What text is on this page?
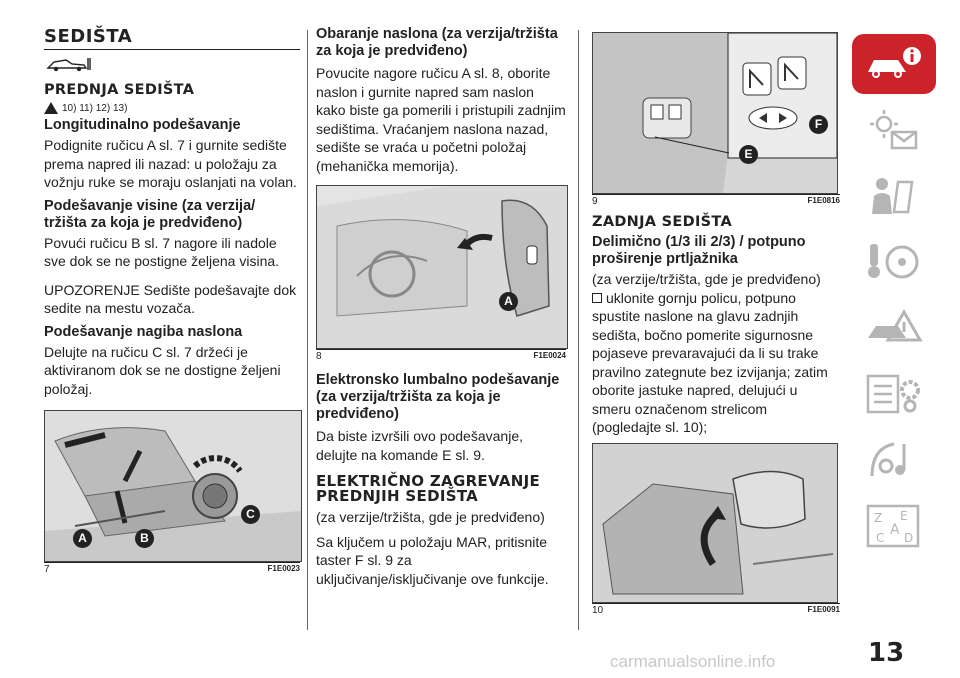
SEDIŠTA
PREDNJA SEDIŠTA
10) 11) 12) 13)
Longitudinalno podešavanje
Podignite ručicu A sl. 7 i gurnite sedište prema napred ili nazad: u položaju za vožnju ruke se moraju oslanjati na volan.
Podešavanje visine (za verzija/ tržišta za koja je predviđeno)
Povući ručicu B sl. 7 nagore ili nadole sve dok se ne postigne željena visina.
UPOZORENJE Sedište podešavajte dok sedite na mestu vozača.
Podešavanje nagiba naslona
Delujte na ručicu C sl. 7 držeći je aktiviranom dok se ne dostigne željeni položaj.
A	B
C
7	F1E0023
Obaranje naslona (za verzija/tržišta za koja je predviđeno)
Povucite nagore ručicu A sl. 8, oborite naslon i gurnite napred sam naslon kako biste ga pomerili i pristupili zadnjim sedištima. Vraćanjem naslona nazad, sedište se vraća u početni položaj (mehanička memorija).
A
8	F1E0024
Elektronsko lumbalno podešavanje (za verzija/tržišta za koja je predviđeno)
Da biste izvršili ovo podešavanje, delujte na komande E sl. 9.
ELEKTRIČNO ZAGREVANJE PREDNJIH SEDIŠTA
(za verzije/tržišta, gde je predviđeno)
Sa ključem u položaju MAR, pritisnite taster F sl. 9 za uključivanje/isključivanje ove funkcije.
E
F
9	F1E0816
ZADNJA SEDIŠTA
Delimično (1/3 ili 2/3) / potpuno proširenje prtljažnika
(za verzije/tržišta, gde je predviđeno)
uklonite gornju policu, potpuno spustite naslone na glavu zadnjih sedišta, bočno pomerite sigurnosne pojaseve prevaravajući da li su trake pravilno zategnute bez izvijanja; zatim oborite jastuke napred, delujući u smeru označenom strelicom (pogledajte sl. 10);
10	F1E0091
Z E
A
C D
13
carmanualsonline.info
